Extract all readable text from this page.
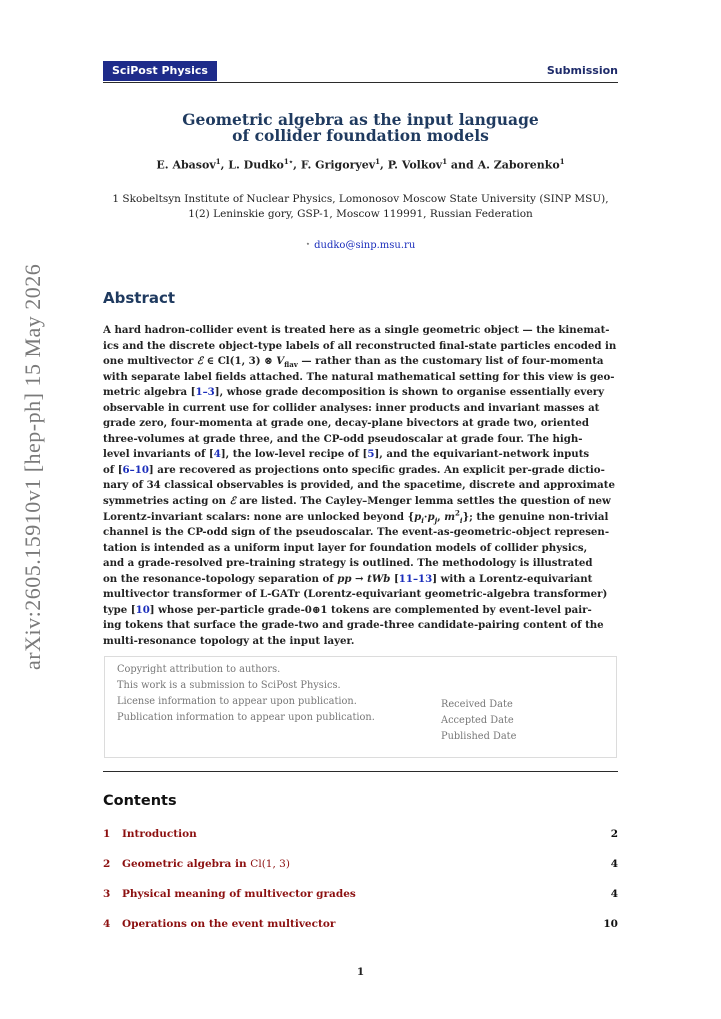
arXiv:2605.15910v1 [hep-ph] 15 May 2026
SciPost Physics	Submission
Geometric algebra as the input language
of collider foundation models
E. Abasov$^1$, L. Dudko$^{1⋆}$, F. Grigoryev$^1$, P. Volkov$^1$ and A. Zaborenko$^1$
1 Skobeltsyn Institute of Nuclear Physics, Lomonosov Moscow State University (SINP MSU),
1(2) Leninskie gory, GSP-1, Moscow 119991, Russian Federation
⋆ dudko@sinp.msu.ru
Abstract
A hard hadron-collider event is treated here as a single geometric object — the kinemat-
ics and the discrete object-type labels of all reconstructed final-state particles encoded in
one multivector ℰ ∈ Cl(1, 3) ⊗ $V_{flav}$ — rather than as the customary list of four-momenta
with separate label fields attached. The natural mathematical setting for this view is geo-
metric algebra [1–3], whose grade decomposition is shown to organise essentially every
observable in current use for collider analyses: inner products and invariant masses at
grade zero, four-momenta at grade one, decay-plane bivectors at grade two, oriented
three-volumes at grade three, and the CP-odd pseudoscalar at grade four. The high-
level invariants of [4], the low-level recipe of [5], and the equivariant-network inputs
of [6–10] are recovered as projections onto specific grades. An explicit per-grade dictio-
nary of 34 classical observables is provided, and the spacetime, discrete and approximate
symmetries acting on ℰ are listed. The Cayley–Menger lemma settles the question of new
Lorentz-invariant scalars: none are unlocked beyond {$p_i\cdot p_j$, $m^2_i$}; the genuine non-trivial
channel is the CP-odd sign of the pseudoscalar. The event-as-geometric-object represen-
tation is intended as a uniform input layer for foundation models of collider physics,
and a grade-resolved pre-training strategy is outlined. The methodology is illustrated
on the resonance-topology separation of pp → tWb [11–13] with a Lorentz-equivariant
multivector transformer of L-GATr (Lorentz-equivariant geometric-algebra transformer)
type [10] whose per-particle grade-0⊕1 tokens are complemented by event-level pair-
ing tokens that surface the grade-two and grade-three candidate-pairing content of the
multi-resonance topology at the input layer.
Copyright attribution to authors.
This work is a submission to SciPost Physics.
License information to appear upon publication.
Publication information to appear upon publication.
Received Date
Accepted Date
Published Date
Contents
1 Introduction	2
2 Geometric algebra in Cl(1, 3)	4
3 Physical meaning of multivector grades	4
4 Operations on the event multivector	10
1
